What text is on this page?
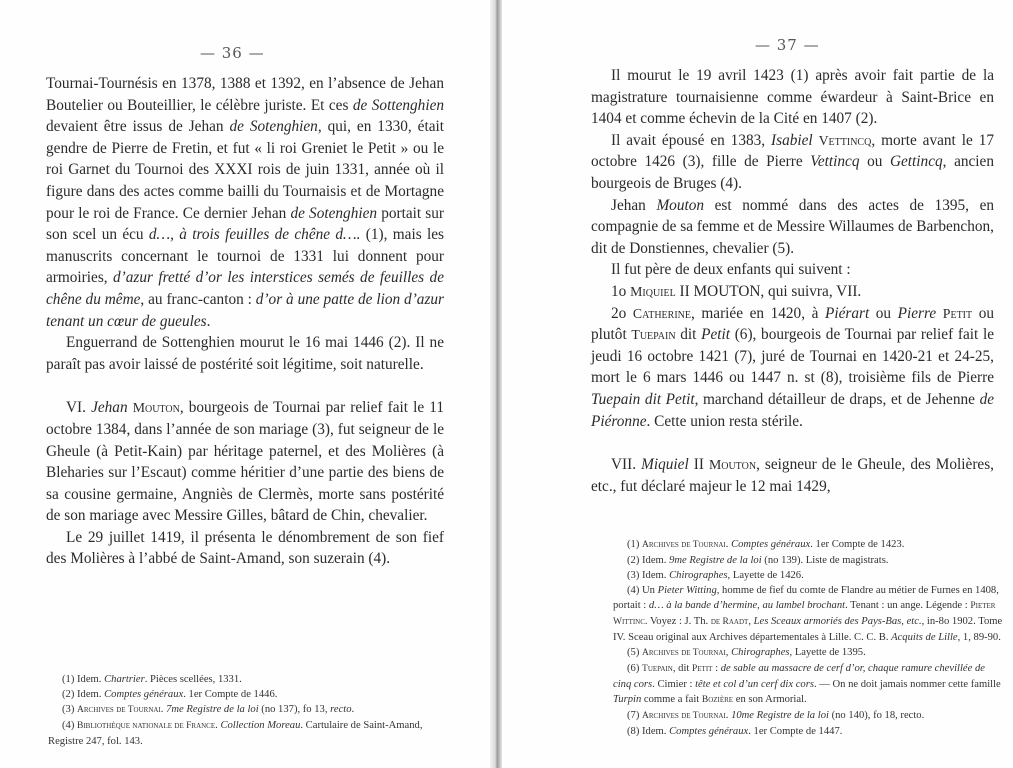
— 36 —

Tournai-Tournésis en 1378, 1388 et 1392, en l’absence de Jehan Boutelier ou Bouteillier, le célèbre juriste. Et ces de Sottenghien devaient être issus de Jehan de Sotenghien, qui, en 1330, était gendre de Pierre de Fretin, et fut « li roi Greniet le Petit » ou le roi Garnet du Tournoi des XXXI rois de juin 1331, année où il figure dans des actes comme bailli du Tournaisis et de Mortagne pour le roi de France. Ce dernier Jehan de Sotenghien portait sur son scel un écu d…, à trois feuilles de chêne d…. (1), mais les manuscrits concernant le tournoi de 1331 lui donnent pour armoiries, d’azur fretté d’or les interstices semés de feuilles de chêne du même, au franc-canton : d’or à une patte de lion d’azur tenant un cœur de gueules.

Enguerrand de Sottenghien mourut le 16 mai 1446 (2). Il ne paraît pas avoir laissé de postérité soit légitime, soit naturelle.

VI. Jehan Mouton, bourgeois de Tournai par relief fait le 11 octobre 1384, dans l’année de son mariage (3), fut seigneur de le Gheule (à Petit-Kain) par héritage paternel, et des Molières (à Bleharies sur l’Escaut) comme héritier d’une partie des biens de sa cousine germaine, Angniès de Clermès, morte sans postérité de son mariage avec Messire Gilles, bâtard de Chin, chevalier.

Le 29 juillet 1419, il présenta le dénombrement de son fief des Molières à l’abbé de Saint-Amand, son suzerain (4).

(1) Idem. Chartrier. Pièces scellées, 1331.

(2) Idem. Comptes généraux. 1er Compte de 1446.

(3) Archives de Tournai. 7me Registre de la loi (no 137), fo 13, recto.

(4) Bibliothèque nationale de France. Collection Moreau. Cartulaire de Saint-Amand, Registre 247, fol. 143.

— 37 —

Il mourut le 19 avril 1423 (1) après avoir fait partie de la magistrature tournaisienne comme éwardeur à Saint-Brice en 1404 et comme échevin de la Cité en 1407 (2).

Il avait épousé en 1383, Isabiel Vettincq, morte avant le 17 octobre 1426 (3), fille de Pierre Vettincq ou Gettincq, ancien bourgeois de Bruges (4).

Jehan Mouton est nommé dans des actes de 1395, en compagnie de sa femme et de Messire Willaumes de Barbenchon, dit de Donstiennes, chevalier (5).

Il fut père de deux enfants qui suivent :

1o Miquiel II MOUTON, qui suivra, VII.

2o Catherine, mariée en 1420, à Piérart ou Pierre Petit ou plutôt Tuepain dit Petit (6), bourgeois de Tournai par relief fait le jeudi 16 octobre 1421 (7), juré de Tournai en 1420-21 et 24-25, mort le 6 mars 1446 ou 1447 n. st (8), troisième fils de Pierre Tuepain dit Petit, marchand détailleur de draps, et de Jehenne de Piéronne. Cette union resta stérile.

VII. Miquiel II Mouton, seigneur de le Gheule, des Molières, etc., fut déclaré majeur le 12 mai 1429,

(1) Archives de Tournai. Comptes généraux. 1er Compte de 1423.

(2) Idem. 9me Registre de la loi (no 139). Liste de magistrats.

(3) Idem. Chirographes, Layette de 1426.

(4) Un Pieter Witting, homme de fief du comte de Flandre au métier de Furnes en 1408, portait : d… à la bande d’hermine, au lambel brochant. Tenant : un ange. Légende : Pieter Wittinc. Voyez : J. Th. de Raadt, Les Sceaux armoriés des Pays-Bas, etc., in-8o 1902. Tome IV. Sceau original aux Archives départementales à Lille. C. C. B. Acquits de Lille, 1, 89-90.

(5) Archives de Tournai, Chirographes, Layette de 1395.

(6) Tuepain, dit Petit : de sable au massacre de cerf d’or, chaque ramure chevillée de cinq cors. Cimier : tête et col d’un cerf dix cors. — On ne doit jamais nommer cette famille Turpin comme a fait Bozière en son Armorial.

(7) Archives de Tournai. 10me Registre de la loi (no 140), fo 18, recto.

(8) Idem. Comptes généraux. 1er Compte de 1447.
